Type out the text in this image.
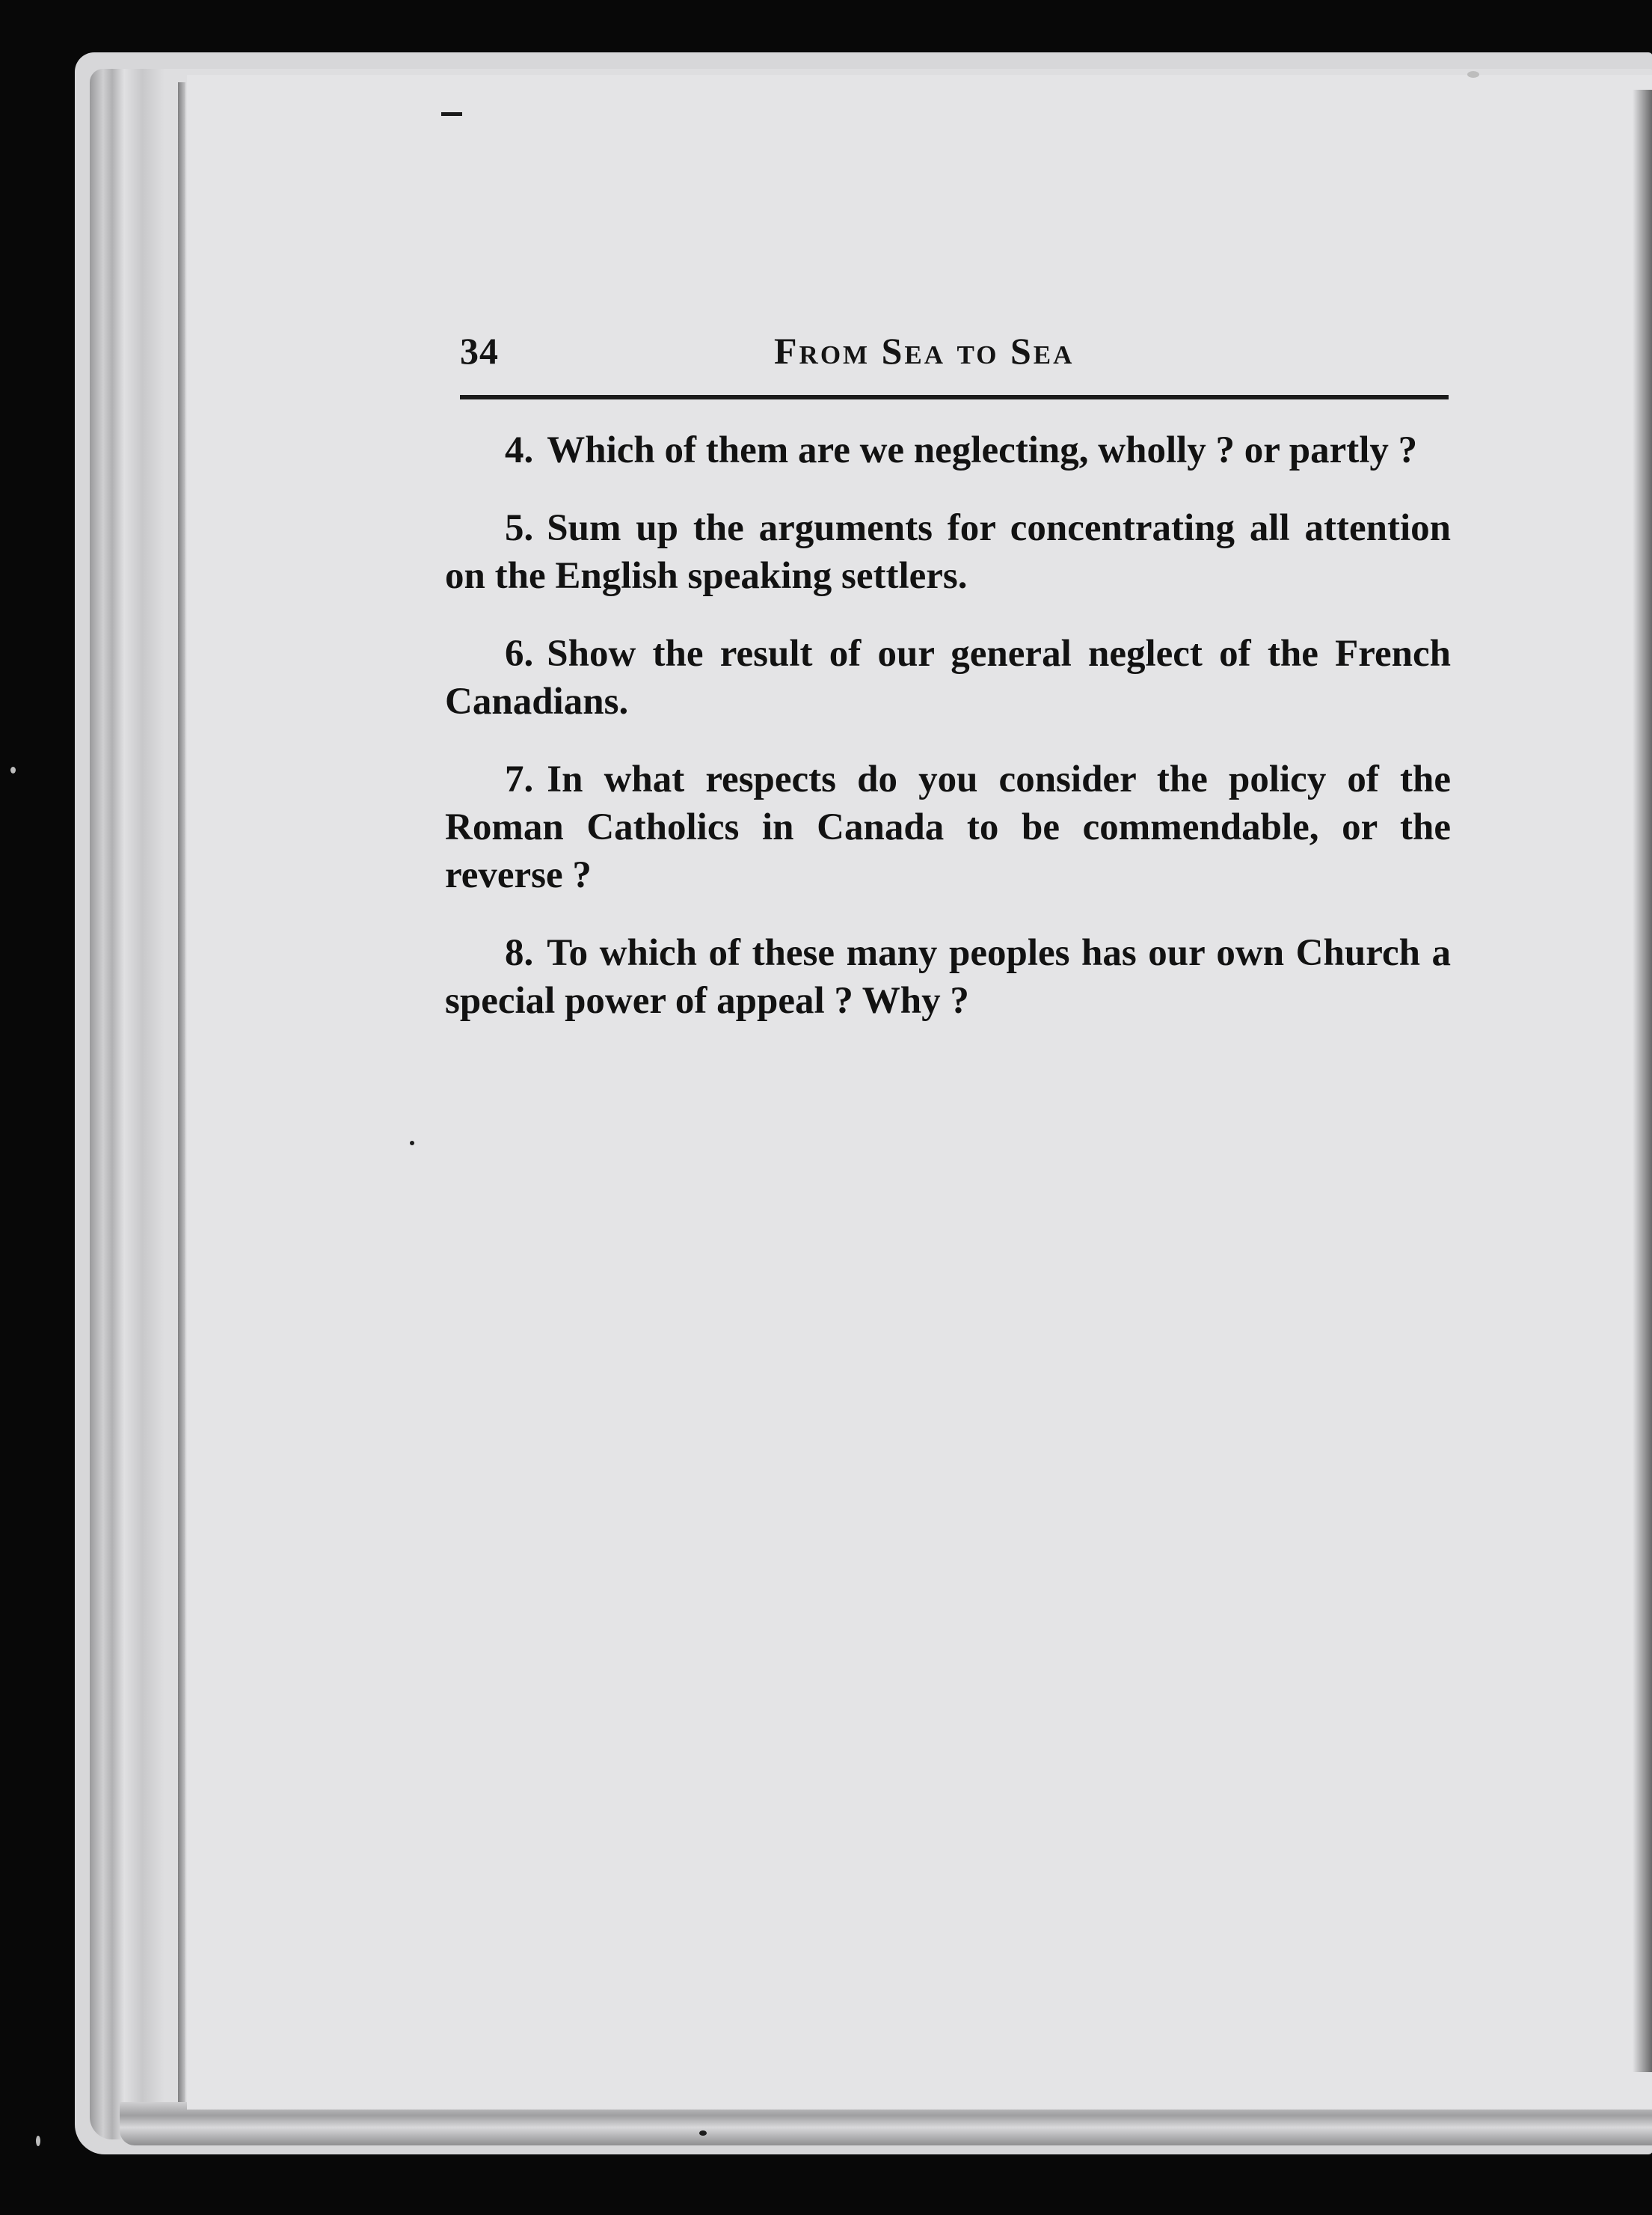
34	From Sea to Sea

4. Which of them are we neglecting, wholly ? or partly ?

5. Sum up the arguments for concentrating all attention on the English speaking settlers.

6. Show the result of our general neglect of the French Canadians.

7. In what respects do you consider the policy of the Roman Catholics in Canada to be commendable, or the reverse ?

8. To which of these many peoples has our own Church a special power of appeal ? Why ?
